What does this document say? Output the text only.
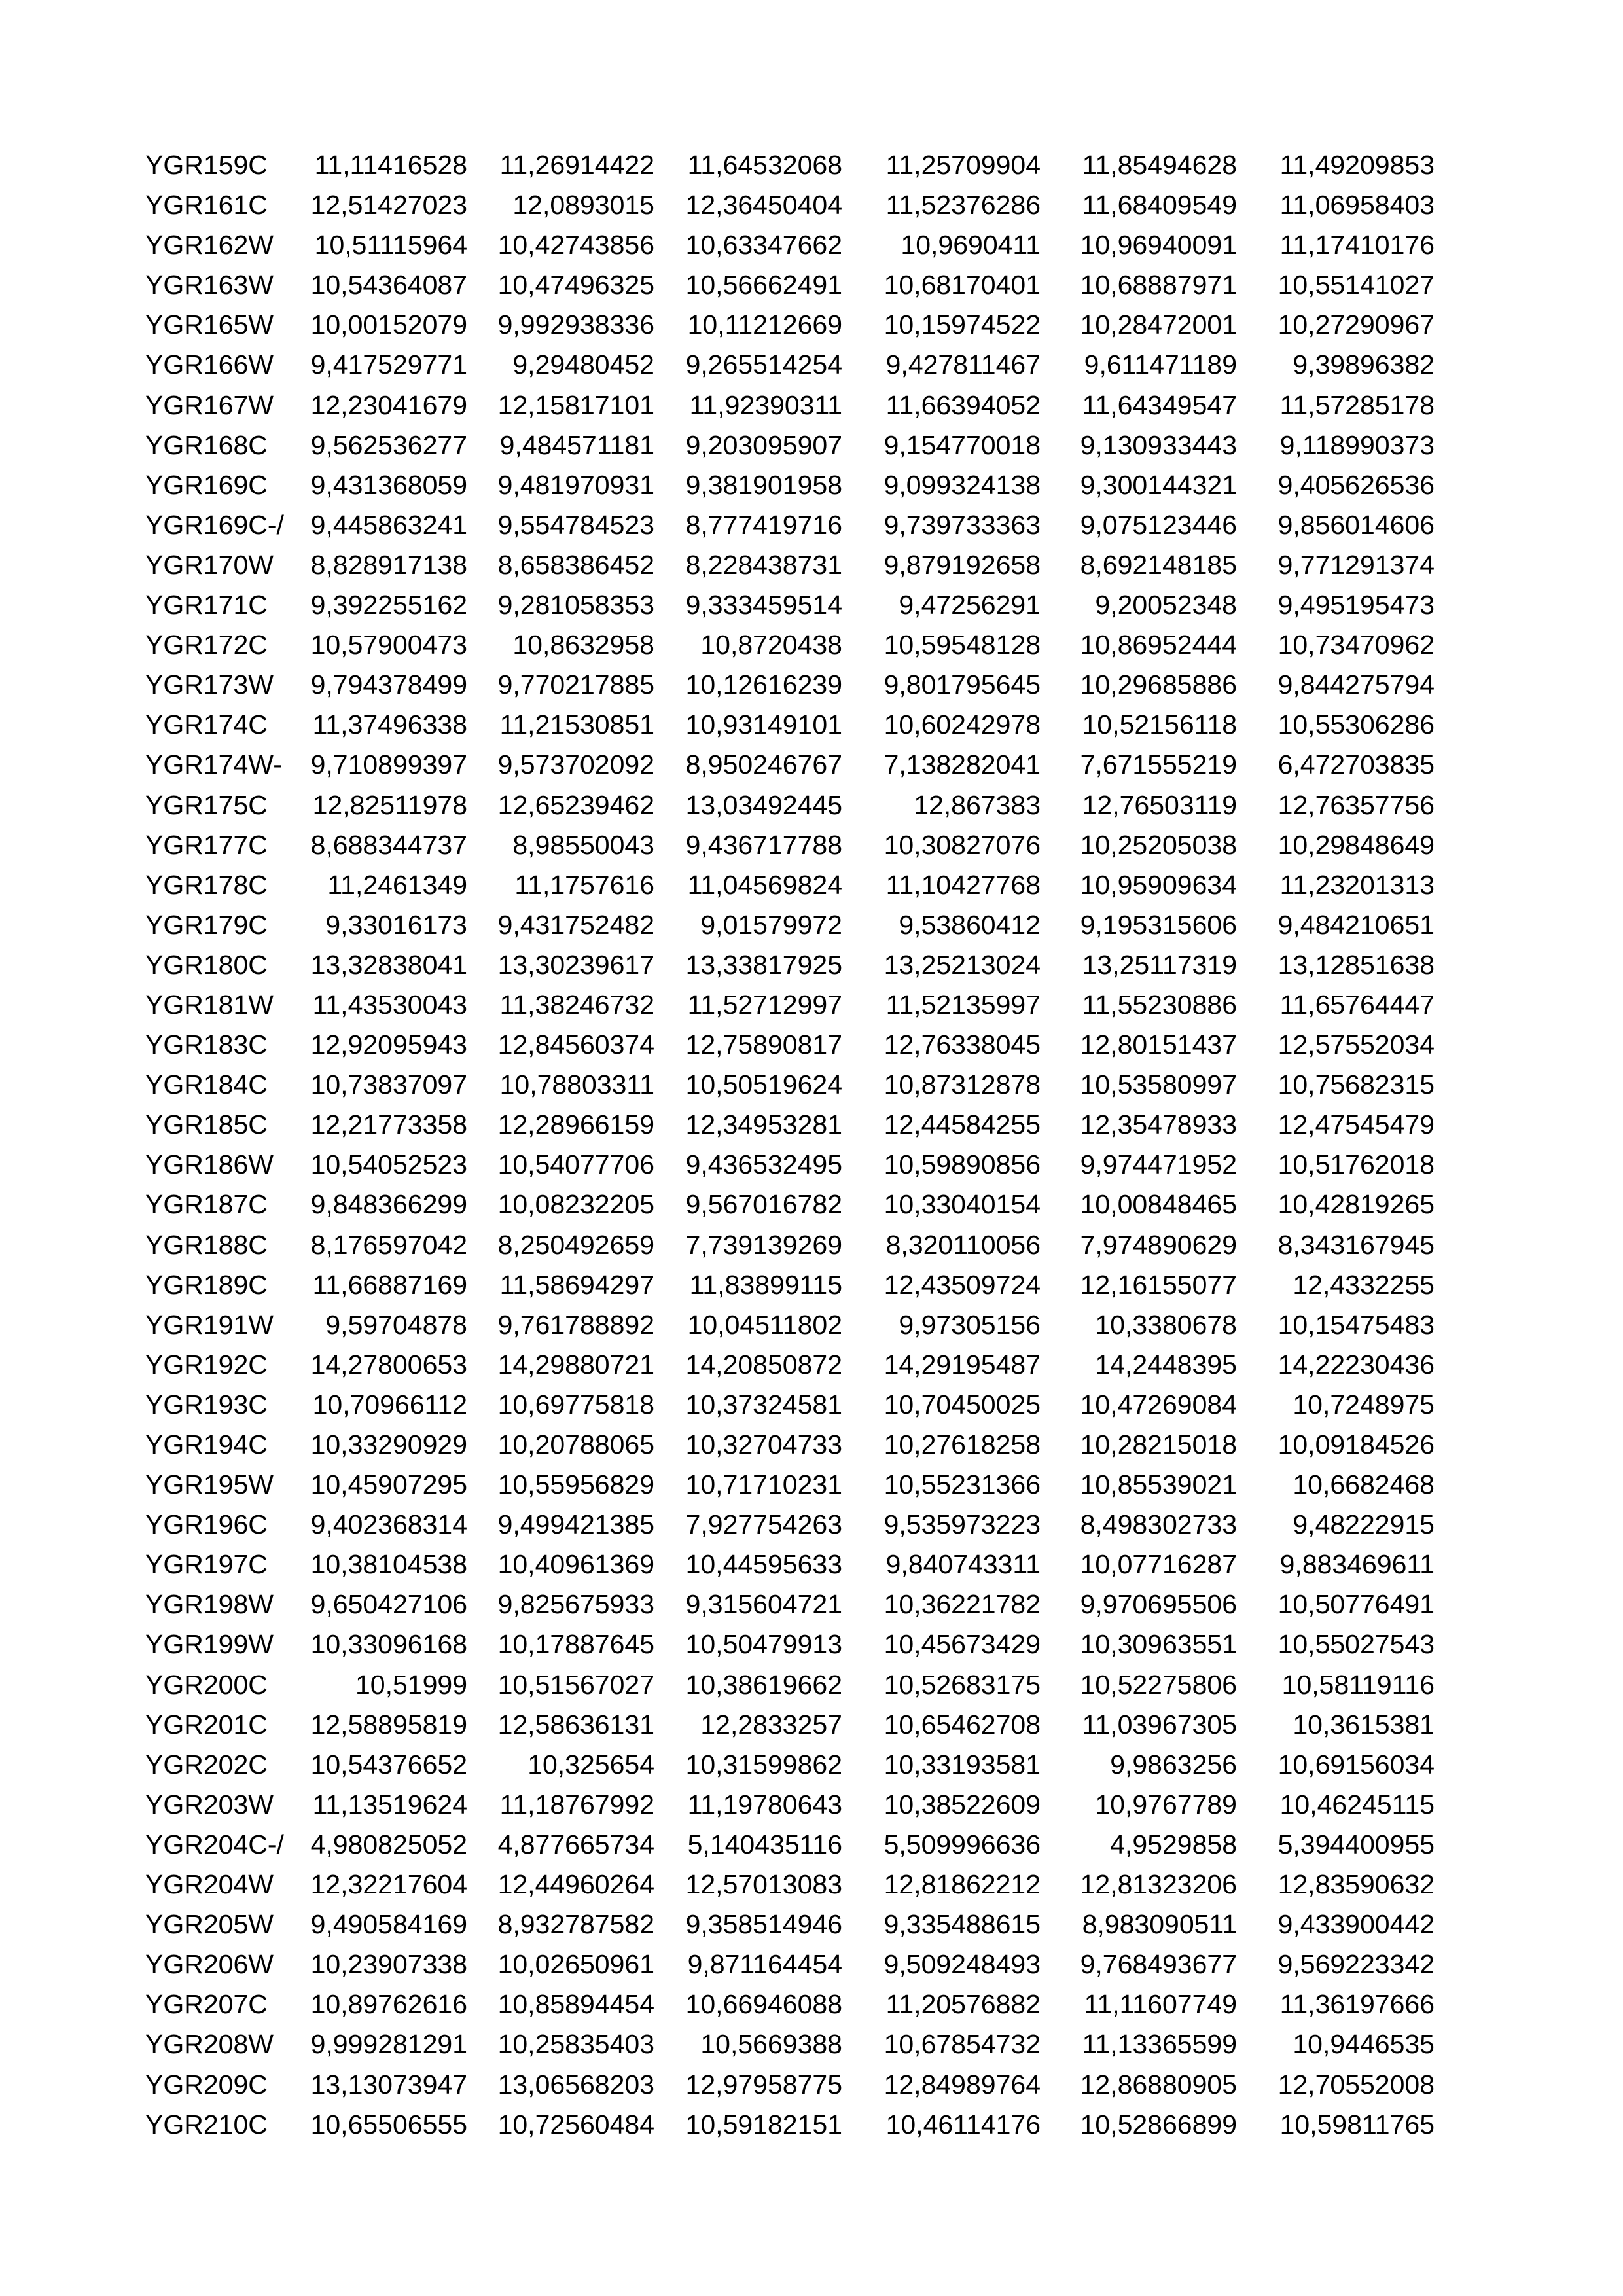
YGR159C	11,11416528	11,26914422	11,64532068	11,25709904	11,85494628	11,49209853
YGR161C	12,51427023	12,0893015	12,36450404	11,52376286	11,68409549	11,06958403
YGR162W	10,51115964	10,42743856	10,63347662	10,9690411	10,96940091	11,17410176
YGR163W	10,54364087	10,47496325	10,56662491	10,68170401	10,68887971	10,55141027
YGR165W	10,00152079	9,992938336	10,11212669	10,15974522	10,28472001	10,27290967
YGR166W	9,417529771	9,29480452	9,265514254	9,427811467	9,611471189	9,39896382
YGR167W	12,23041679	12,15817101	11,92390311	11,66394052	11,64349547	11,57285178
YGR168C	9,562536277	9,484571181	9,203095907	9,154770018	9,130933443	9,118990373
YGR169C	9,431368059	9,481970931	9,381901958	9,099324138	9,300144321	9,405626536
YGR169C-/ 9,445863241	9,554784523	8,777419716	9,739733363	9,075123446	9,856014606
YGR170W	8,828917138	8,658386452	8,228438731	9,879192658	8,692148185	9,771291374
YGR171C	9,392255162	9,281058353	9,333459514	9,47256291	9,20052348	9,495195473
YGR172C	10,57900473	10,8632958	10,8720438	10,59548128	10,86952444	10,73470962
YGR173W	9,794378499	9,770217885	10,12616239	9,801795645	10,29685886	9,844275794
YGR174C	11,37496338	11,21530851	10,93149101	10,60242978	10,52156118	10,55306286
YGR174W-	9,710899397	9,573702092	8,950246767	7,138282041	7,671555219	6,472703835
YGR175C	12,82511978	12,65239462	13,03492445	12,867383	12,76503119	12,76357756
YGR177C	8,688344737	8,98550043	9,436717788	10,30827076	10,25205038	10,29848649
YGR178C	11,2461349	11,1757616	11,04569824	11,10427768	10,95909634	11,23201313
YGR179C	9,33016173	9,431752482	9,01579972	9,53860412	9,195315606	9,484210651
YGR180C	13,32838041	13,30239617	13,33817925	13,25213024	13,25117319	13,12851638
YGR181W	11,43530043	11,38246732	11,52712997	11,52135997	11,55230886	11,65764447
YGR183C	12,92095943	12,84560374	12,75890817	12,76338045	12,80151437	12,57552034
YGR184C	10,73837097	10,78803311	10,50519624	10,87312878	10,53580997	10,75682315
YGR185C	12,21773358	12,28966159	12,34953281	12,44584255	12,35478933	12,47545479
YGR186W	10,54052523	10,54077706	9,436532495	10,59890856	9,974471952	10,51762018
YGR187C	9,848366299	10,08232205	9,567016782	10,33040154	10,00848465	10,42819265
YGR188C	8,176597042	8,250492659	7,739139269	8,320110056	7,974890629	8,343167945
YGR189C	11,66887169	11,58694297	11,83899115	12,43509724	12,16155077	12,4332255
YGR191W	9,59704878	9,761788892	10,04511802	9,97305156	10,3380678	10,15475483
YGR192C	14,27800653	14,29880721	14,20850872	14,29195487	14,2448395	14,22230436
YGR193C	10,70966112	10,69775818	10,37324581	10,70450025	10,47269084	10,7248975
YGR194C	10,33290929	10,20788065	10,32704733	10,27618258	10,28215018	10,09184526
YGR195W	10,45907295	10,55956829	10,71710231	10,55231366	10,85539021	10,6682468
YGR196C	9,402368314	9,499421385	7,927754263	9,535973223	8,498302733	9,48222915
YGR197C	10,38104538	10,40961369	10,44595633	9,840743311	10,07716287	9,883469611
YGR198W	9,650427106	9,825675933	9,315604721	10,36221782	9,970695506	10,50776491
YGR199W	10,33096168	10,17887645	10,50479913	10,45673429	10,30963551	10,55027543
YGR200C	10,51999	10,51567027	10,38619662	10,52683175	10,52275806	10,58119116
YGR201C	12,58895819	12,58636131	12,2833257	10,65462708	11,03967305	10,3615381
YGR202C	10,54376652	10,325654	10,31599862	10,33193581	9,9863256	10,69156034
YGR203W	11,13519624	11,18767992	11,19780643	10,38522609	10,9767789	10,46245115
YGR204C-/ 4,980825052	4,877665734	5,140435116	5,509996636	4,9529858	5,394400955
YGR204W	12,32217604	12,44960264	12,57013083	12,81862212	12,81323206	12,83590632
YGR205W	9,490584169	8,932787582	9,358514946	9,335488615	8,983090511	9,433900442
YGR206W	10,23907338	10,02650961	9,871164454	9,509248493	9,768493677	9,569223342
YGR207C	10,89762616	10,85894454	10,66946088	11,20576882	11,11607749	11,36197666
YGR208W	9,999281291	10,25835403	10,5669388	10,67854732	11,13365599	10,9446535
YGR209C	13,13073947	13,06568203	12,97958775	12,84989764	12,86880905	12,70552008
YGR210C	10,65506555	10,72560484	10,59182151	10,46114176	10,52866899	10,59811765
